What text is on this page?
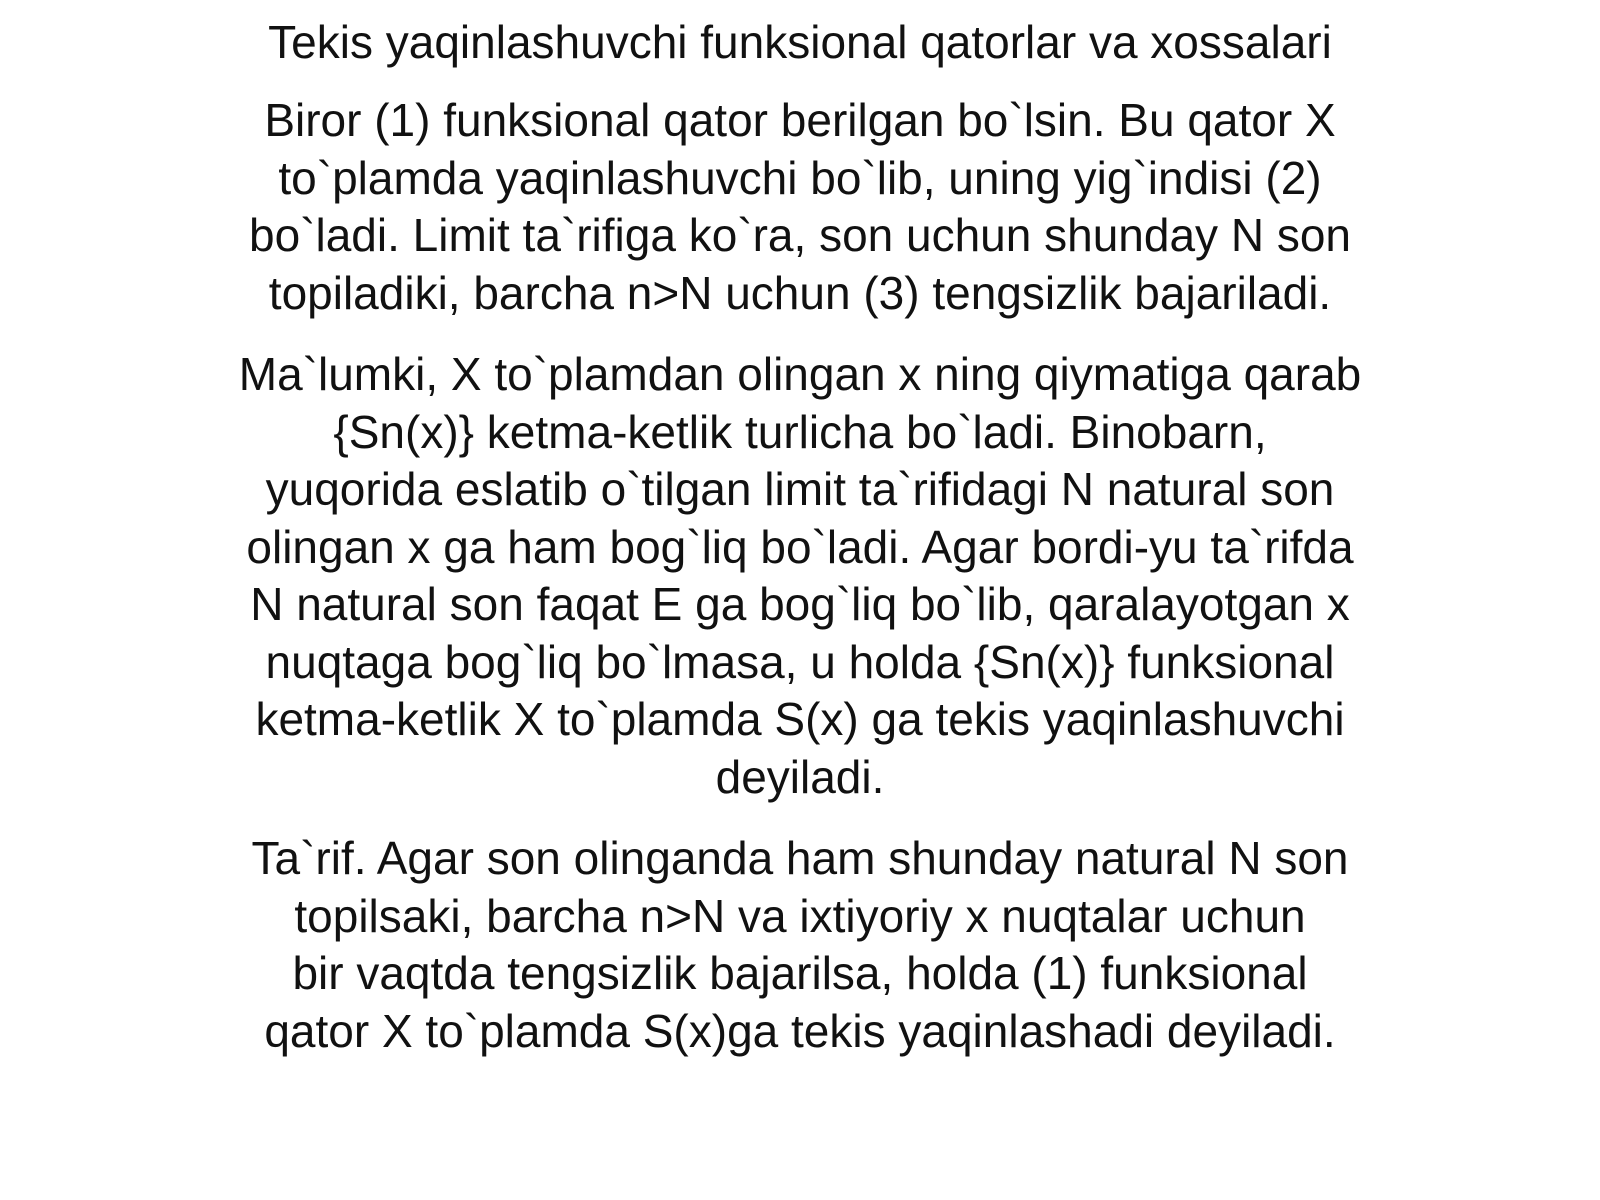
Tekis yaqinlashuvchi funksional qatorlar va xossalari

Biror (1) funksional qator berilgan bo`lsin. Bu qator X
to`plamda yaqinlashuvchi bo`lib, uning yig`indisi (2)
bo`ladi. Limit ta`rifiga ko`ra, son uchun shunday N son
topiladiki, barcha n>N uchun (3) tengsizlik bajariladi.

Ma`lumki, X to`plamdan olingan x ning qiymatiga qarab
{Sn(x)} ketma-ketlik turlicha bo`ladi. Binobarn,
yuqorida eslatib o`tilgan limit ta`rifidagi N natural son
olingan x ga ham bog`liq bo`ladi. Agar bordi-yu ta`rifda
N natural son faqat E ga bog`liq bo`lib, qaralayotgan x
nuqtaga bog`liq bo`lmasa, u holda {Sn(x)} funksional
ketma-ketlik X to`plamda S(x) ga tekis yaqinlashuvchi
deyiladi.

Ta`rif. Agar son olinganda ham shunday natural N son
topilsaki, barcha n>N va ixtiyoriy x nuqtalar uchun
bir vaqtda tengsizlik bajarilsa, holda (1) funksional
qator X to`plamda S(x)ga tekis yaqinlashadi deyiladi.
